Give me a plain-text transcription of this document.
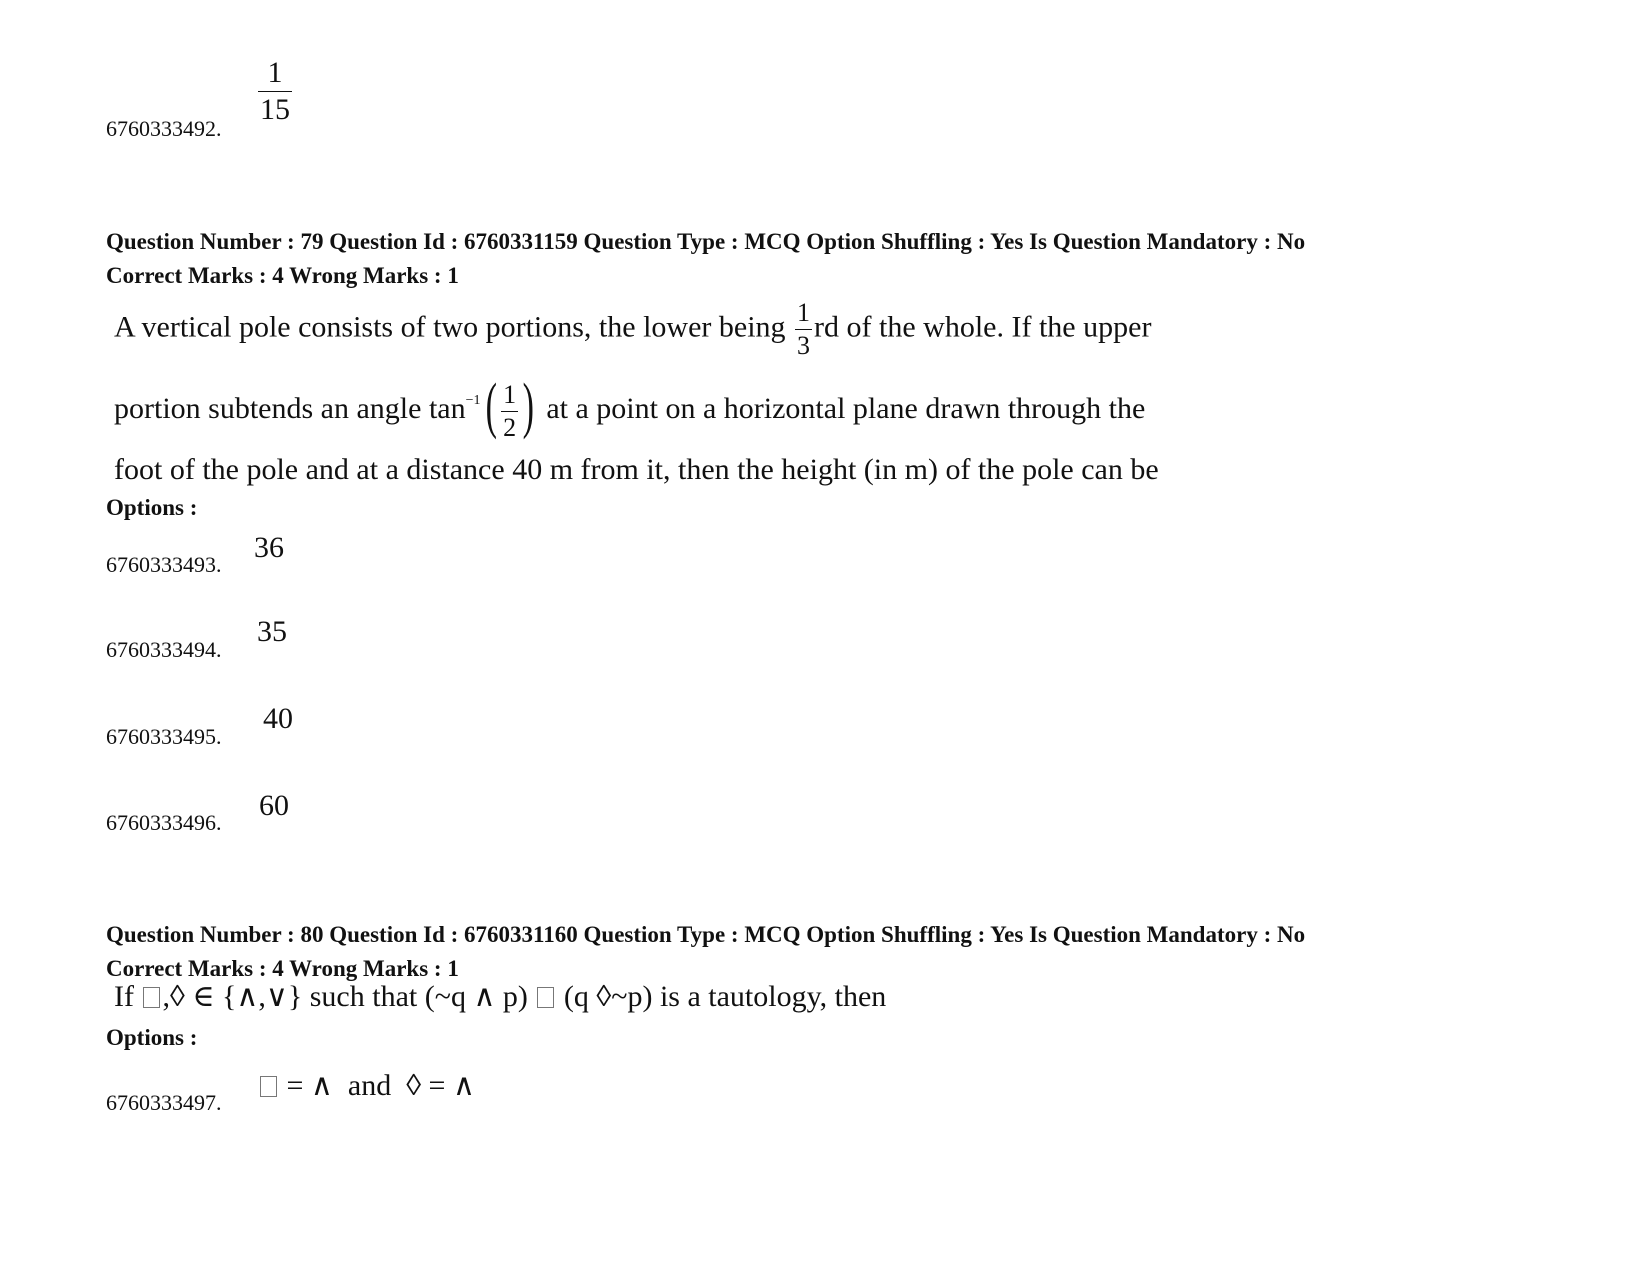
6760333492.
$\frac{1}{15}$
Question Number : 79 Question Id : 6760331159 Question Type : MCQ Option Shuffling : Yes Is Question Mandatory : No
Correct Marks : 4 Wrong Marks : 1
A vertical pole consists of two portions, the lower being $\frac{1}{3}$ rd of the whole. If the upper
portion subtends an angle $\tan^{-1}( \frac{1}{2}$ ) at a point on a horizontal plane drawn through the
foot of the pole and at a distance 40 m from it, then the height (in m) of the pole can be
Options :
6760333493.
36
6760333494.
35
6760333495.
40
6760333496.
60
Question Number : 80 Question Id : 6760331160 Question Type : MCQ Option Shuffling : Yes Is Question Mandatory : No
Correct Marks : 4 Wrong Marks : 1
If ,◊ ∈ {∧,∨} such that (~q ∧ p) (q ◊~p) is a tautology, then
Options :
6760333497.
= ∧ and ◊ = ∧
